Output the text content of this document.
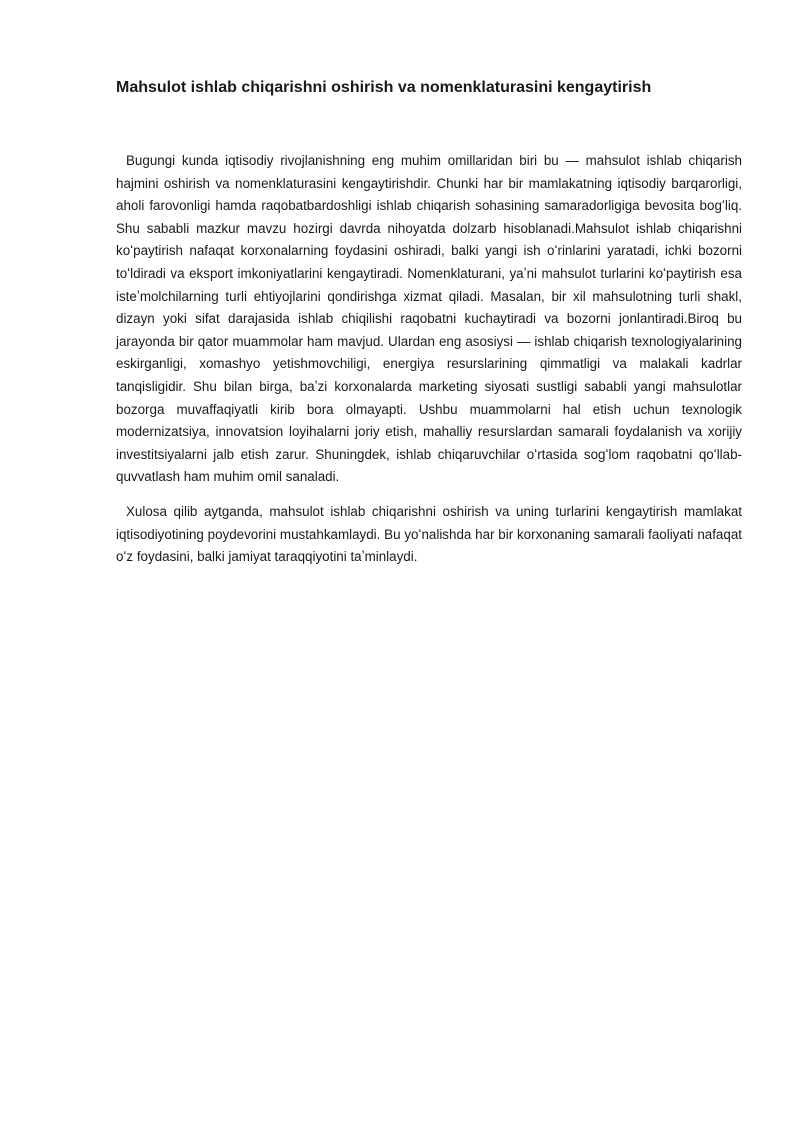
Mahsulot ishlab chiqarishni oshirish va nomenklaturasini kengaytirish

Bugungi kunda iqtisodiy rivojlanishning eng muhim omillaridan biri bu — mahsulot ishlab chiqarish hajmini oshirish va nomenklaturasini kengaytirishdir. Chunki har bir mamlakatning iqtisodiy barqarorligi, aholi farovonligi hamda raqobatbardoshligi ishlab chiqarish sohasining samaradorligiga bevosita bogʻliq. Shu sababli mazkur mavzu hozirgi davrda nihoyatda dolzarb hisoblanadi.Mahsulot ishlab chiqarishni koʻpaytirish nafaqat korxonalarning foydasini oshiradi, balki yangi ish oʻrinlarini yaratadi, ichki bozorni toʻldiradi va eksport imkoniyatlarini kengaytiradi. Nomenklaturani, yaʼni mahsulot turlarini koʻpaytirish esa isteʼmolchilarning turli ehtiyojlarini qondirishga xizmat qiladi. Masalan, bir xil mahsulotning turli shakl, dizayn yoki sifat darajasida ishlab chiqilishi raqobatni kuchaytiradi va bozorni jonlantiradi.Biroq bu jarayonda bir qator muammolar ham mavjud. Ulardan eng asosiysi — ishlab chiqarish texnologiyalarining eskirganligi, xomashyo yetishmovchiligi, energiya resurslarining qimmatligi va malakali kadrlar tanqisligidir. Shu bilan birga, baʼzi korxonalarda marketing siyosati sustligi sababli yangi mahsulotlar bozorga muvaffaqiyatli kirib bora olmayapti. Ushbu muammolarni hal etish uchun texnologik modernizatsiya, innovatsion loyihalarni joriy etish, mahalliy resurslardan samarali foydalanish va xorijiy investitsiyalarni jalb etish zarur. Shuningdek, ishlab chiqaruvchilar oʻrtasida sogʻlom raqobatni qoʻllab-quvvatlash ham muhim omil sanaladi.

Xulosa qilib aytganda, mahsulot ishlab chiqarishni oshirish va uning turlarini kengaytirish mamlakat iqtisodiyotining poydevorini mustahkamlaydi. Bu yoʻnalishda har bir korxonaning samarali faoliyati nafaqat oʻz foydasini, balki jamiyat taraqqiyotini taʼminlaydi.
